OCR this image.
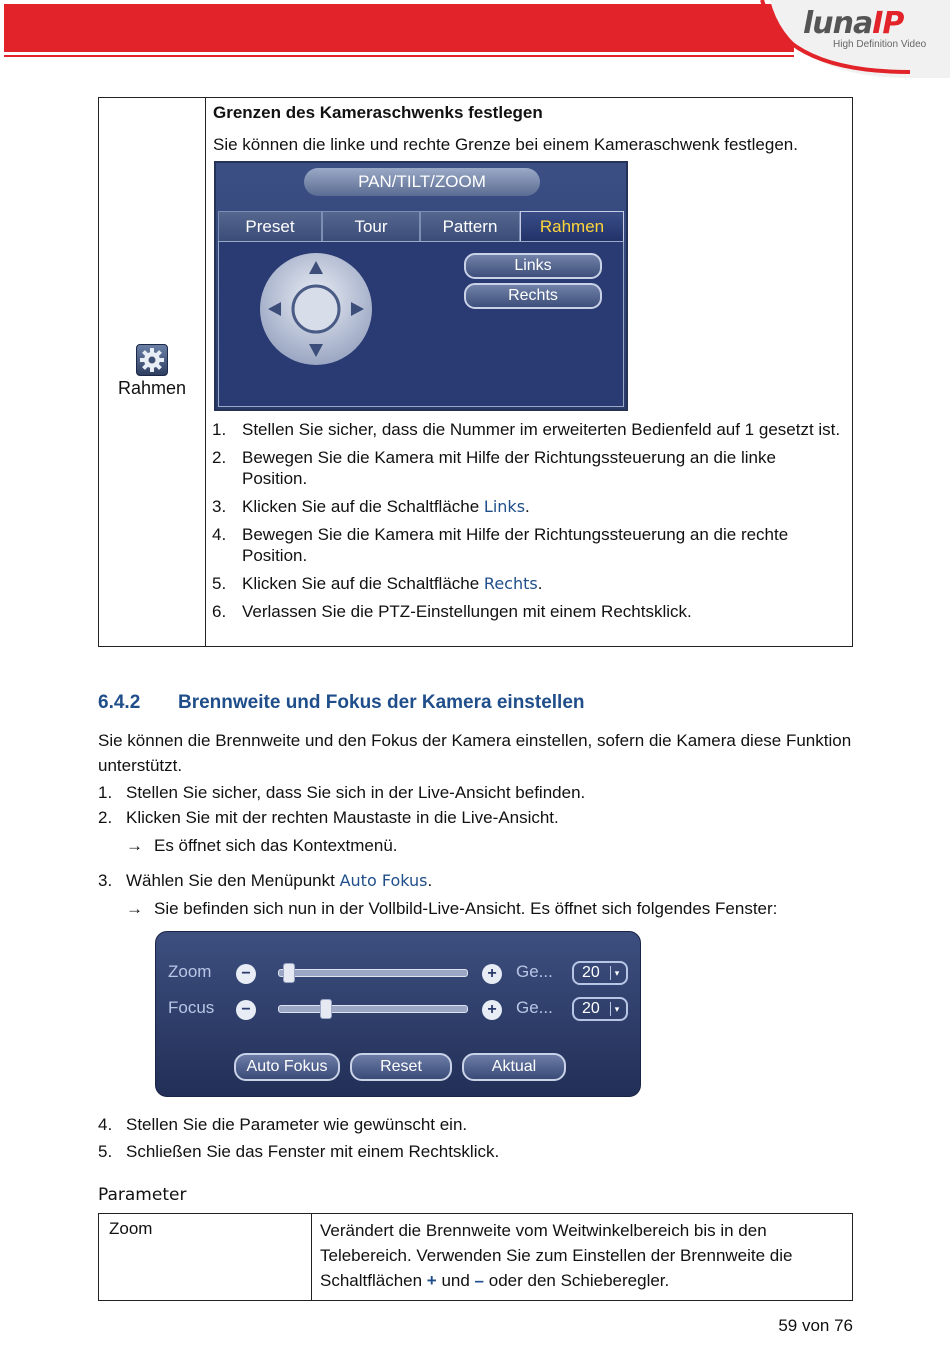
lunaIP
High Definition Video
Rahmen
Grenzen des Kameraschwenks festlegen
Sie können die linke und rechte Grenze bei einem Kameraschwenk festlegen.
PAN/TILT/ZOOM
Preset	Tour	Pattern	Rahmen
Links
Rechts
1. Stellen Sie sicher, dass die Nummer im erweiterten Bedienfeld auf 1 gesetzt ist.
2. Bewegen Sie die Kamera mit Hilfe der Richtungssteuerung an die linke Position.
3. Klicken Sie auf die Schaltfläche Links.
4. Bewegen Sie die Kamera mit Hilfe der Richtungssteuerung an die rechte Position.
5. Klicken Sie auf die Schaltfläche Rechts.
6. Verlassen Sie die PTZ-Einstellungen mit einem Rechtsklick.
6.4.2 Brennweite und Fokus der Kamera einstellen
Sie können die Brennweite und den Fokus der Kamera einstellen, sofern die Kamera diese Funktion unterstützt.
1. Stellen Sie sicher, dass Sie sich in der Live-Ansicht befinden.
2. Klicken Sie mit der rechten Maustaste in die Live-Ansicht.
→ Es öffnet sich das Kontextmenü.
3. Wählen Sie den Menüpunkt Auto Fokus.
→ Sie befinden sich nun in der Vollbild-Live-Ansicht. Es öffnet sich folgendes Fenster:
Zoom	−	+	Ge...	20	▾
Focus	−	+	Ge...	20	▾
Auto Fokus	Reset	Aktual
4. Stellen Sie die Parameter wie gewünscht ein.
5. Schließen Sie das Fenster mit einem Rechtsklick.
Parameter
Zoom	Verändert die Brennweite vom Weitwinkelbereich bis in den Telebereich. Verwenden Sie zum Einstellen der Brennweite die Schaltflächen + und – oder den Schieberegler.
59 von 76
